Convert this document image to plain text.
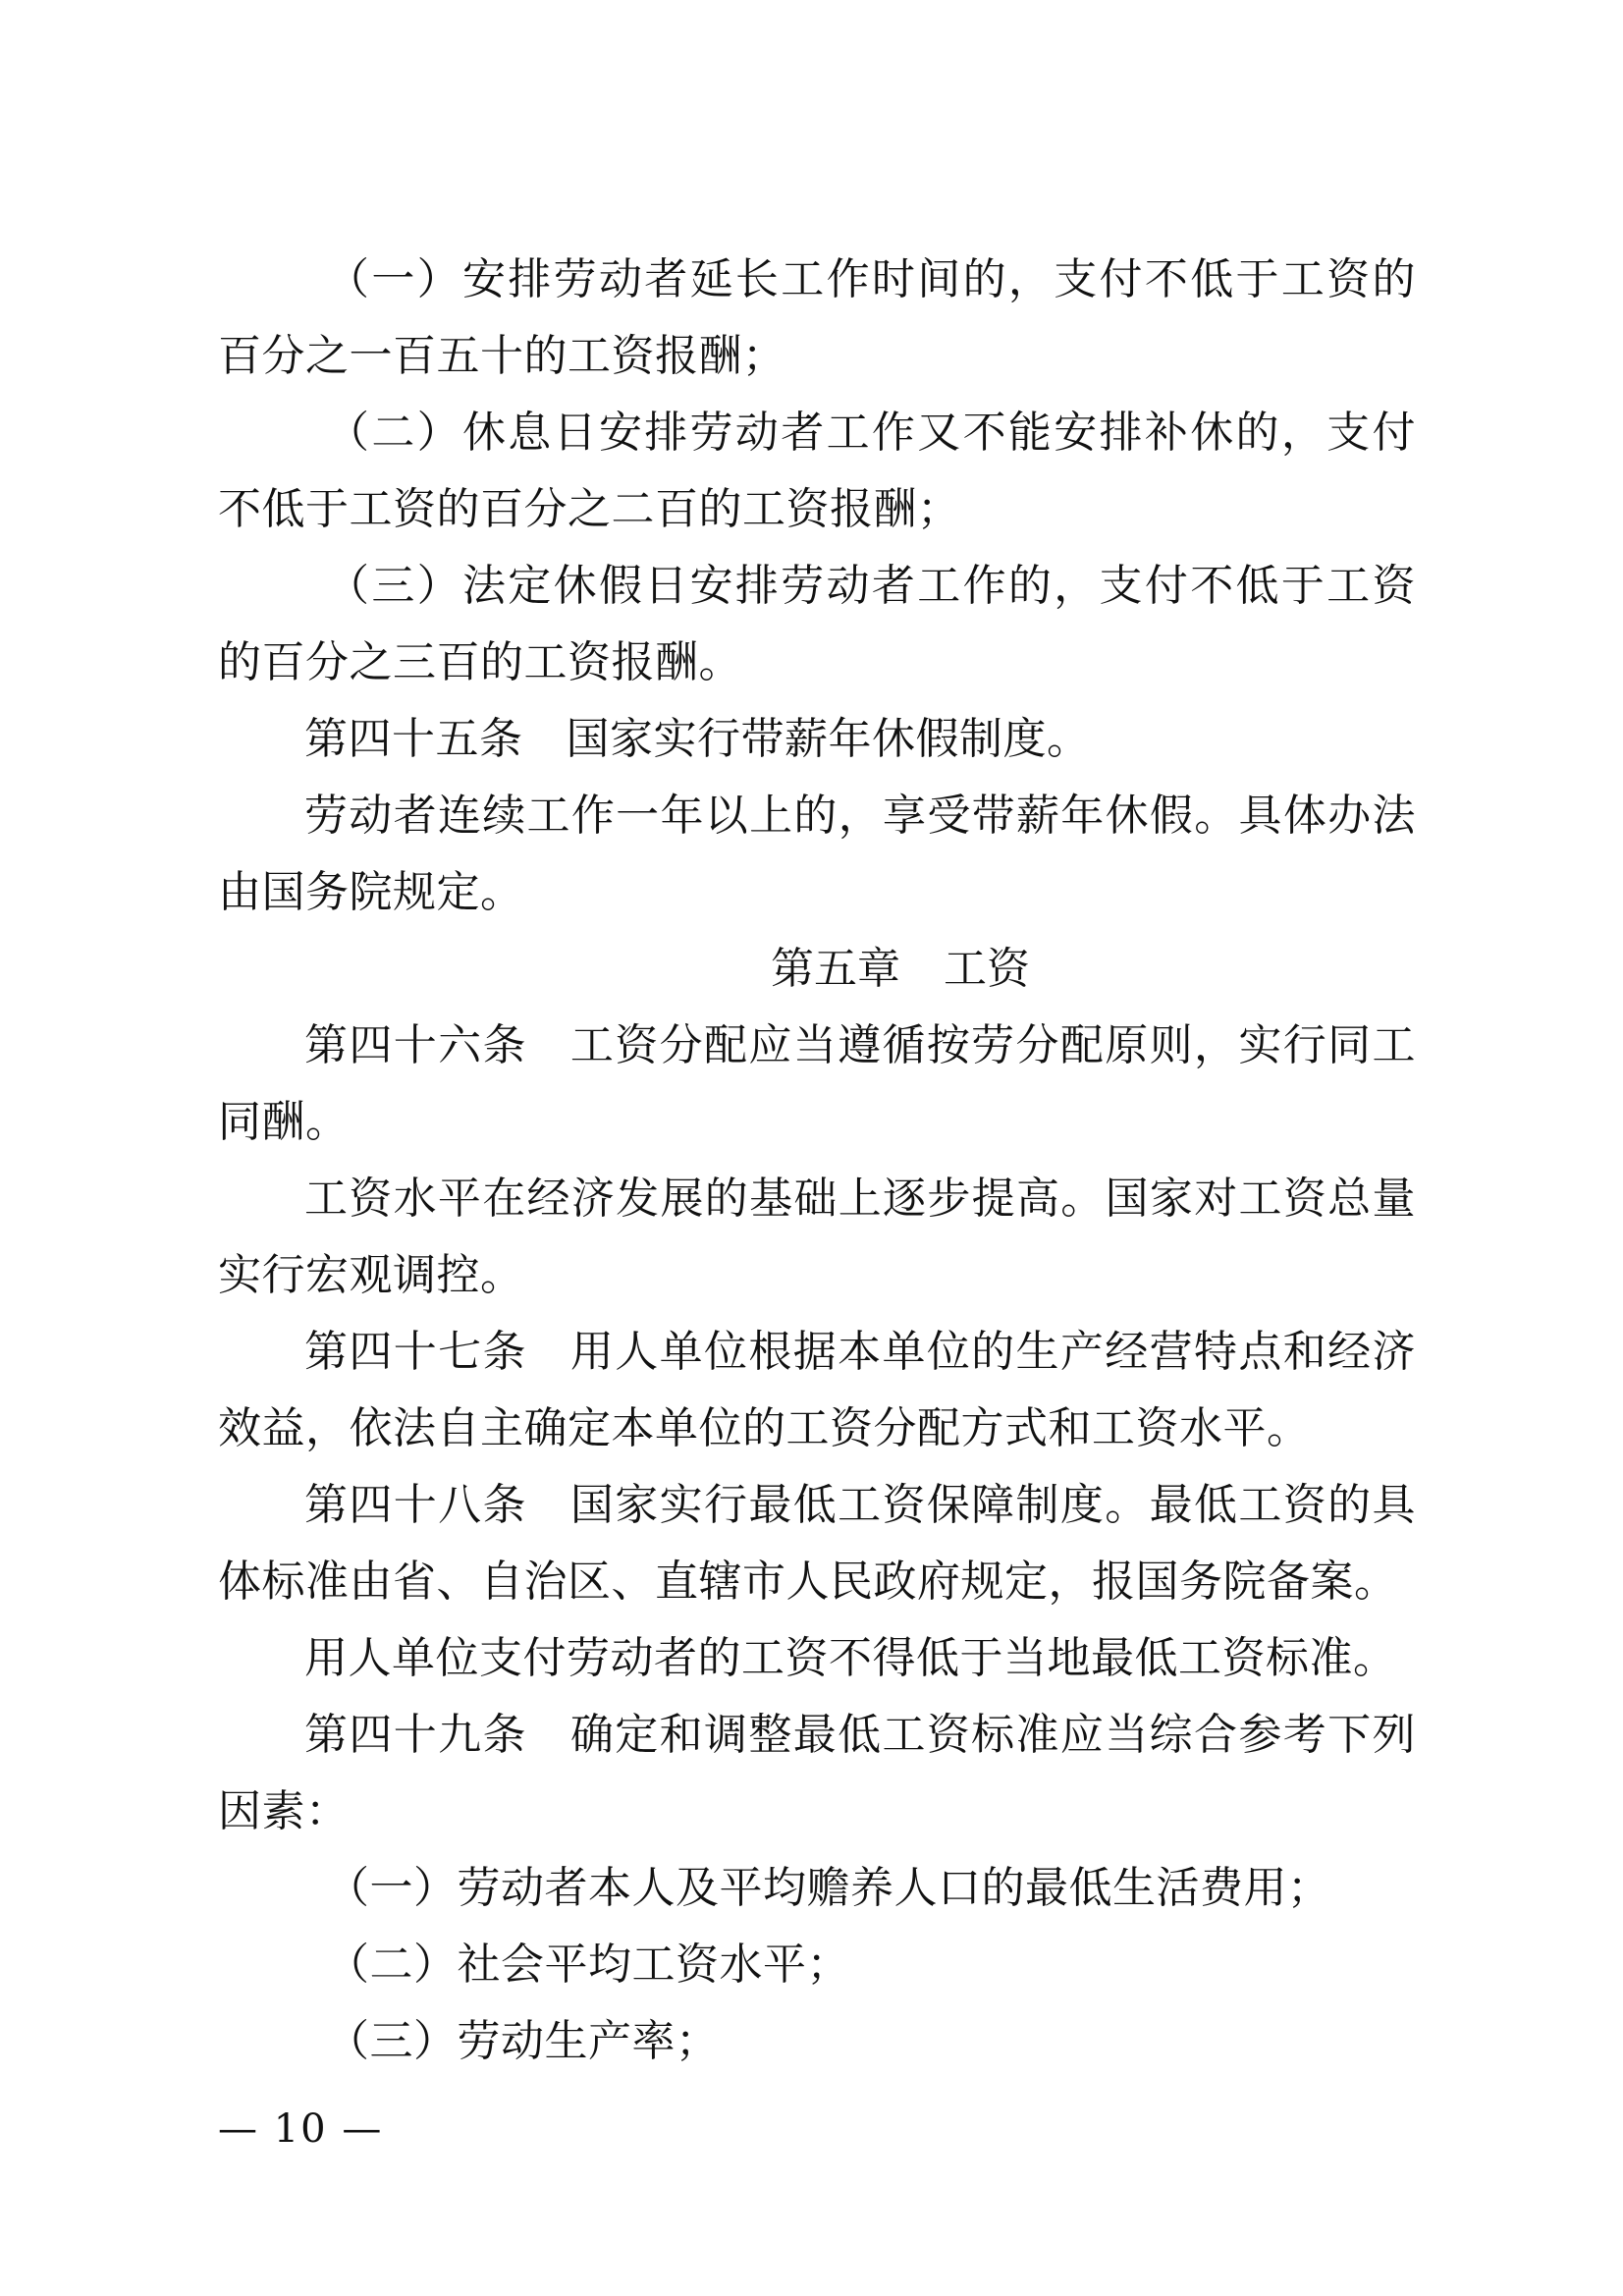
（一）安排劳动者延长工作时间的，支付不低于工资的百分之一百五十的工资报酬；

（二）休息日安排劳动者工作又不能安排补休的，支付不低于工资的百分之二百的工资报酬；

（三）法定休假日安排劳动者工作的，支付不低于工资的百分之三百的工资报酬。

第四十五条 国家实行带薪年休假制度。

劳动者连续工作一年以上的，享受带薪年休假。具体办法由国务院规定。

第五章 工资

第四十六条 工资分配应当遵循按劳分配原则，实行同工同酬。

工资水平在经济发展的基础上逐步提高。国家对工资总量实行宏观调控。

第四十七条 用人单位根据本单位的生产经营特点和经济效益，依法自主确定本单位的工资分配方式和工资水平。

第四十八条 国家实行最低工资保障制度。最低工资的具体标准由省、自治区、直辖市人民政府规定，报国务院备案。

用人单位支付劳动者的工资不得低于当地最低工资标准。

第四十九条 确定和调整最低工资标准应当综合参考下列因素：

（一）劳动者本人及平均赡养人口的最低生活费用；

（二）社会平均工资水平；

（三）劳动生产率；

— 10 —
